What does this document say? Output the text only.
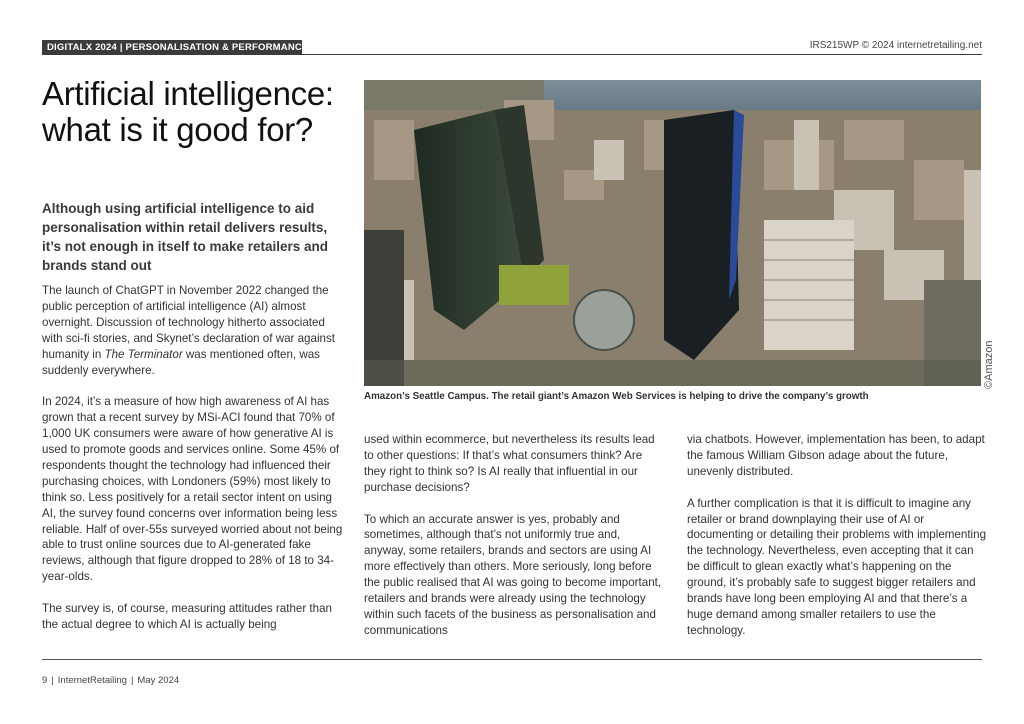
DIGITALX 2024 | PERSONALISATION & PERFORMANCE	IRS215WP © 2024 internetretailing.net
Artificial intelligence: what is it good for?

Although using artificial intelligence to aid personalisation within retail delivers results, it’s not enough in itself to make retailers and brands stand out

The launch of ChatGPT in November 2022 changed the public perception of artificial intelligence (AI) almost overnight. Discussion of technology hitherto associated with sci-fi stories, and Skynet’s declaration of war against humanity in The Terminator was mentioned often, was suddenly everywhere.

In 2024, it’s a measure of how high awareness of AI has grown that a recent survey by MSi-ACI found that 70% of 1,000 UK consumers were aware of how generative AI is used to promote goods and services online. Some 45% of respondents thought the technology had influenced their purchasing choices, with Londoners (59%) most likely to think so. Less positively for a retail sector intent on using AI, the survey found concerns over information being less reliable. Half of over-55s surveyed worried about not being able to trust online sources due to AI-generated fake reviews, although that figure dropped to 28% of 18 to 34-year-olds.

The survey is, of course, measuring attitudes rather than the actual degree to which AI is actually being

used within ecommerce, but nevertheless its results lead to other questions: If that’s what consumers think? Are they right to think so? Is AI really that influential in our purchase decisions?

To which an accurate answer is yes, probably and sometimes, although that’s not uniformly true and, anyway, some retailers, brands and sectors are using AI more effectively than others. More seriously, long before the public realised that AI was going to become important, retailers and brands were already using the technology within such facets of the business as personalisation and communications

via chatbots. However, implementation has been, to adapt the famous William Gibson adage about the future, unevenly distributed.

A further complication is that it is difficult to imagine any retailer or brand downplaying their use of AI or documenting or detailing their problems with implementing the technology. Nevertheless, even accepting that it can be difficult to glean exactly what’s happening on the ground, it’s probably safe to suggest bigger retailers and brands have long been employing AI and that there’s a huge demand among smaller retailers to use the technology.

Amazon’s Seattle Campus. The retail giant’s Amazon Web Services is helping to drive the company’s growth
©Amazon
9 | InternetRetailing | May 2024
